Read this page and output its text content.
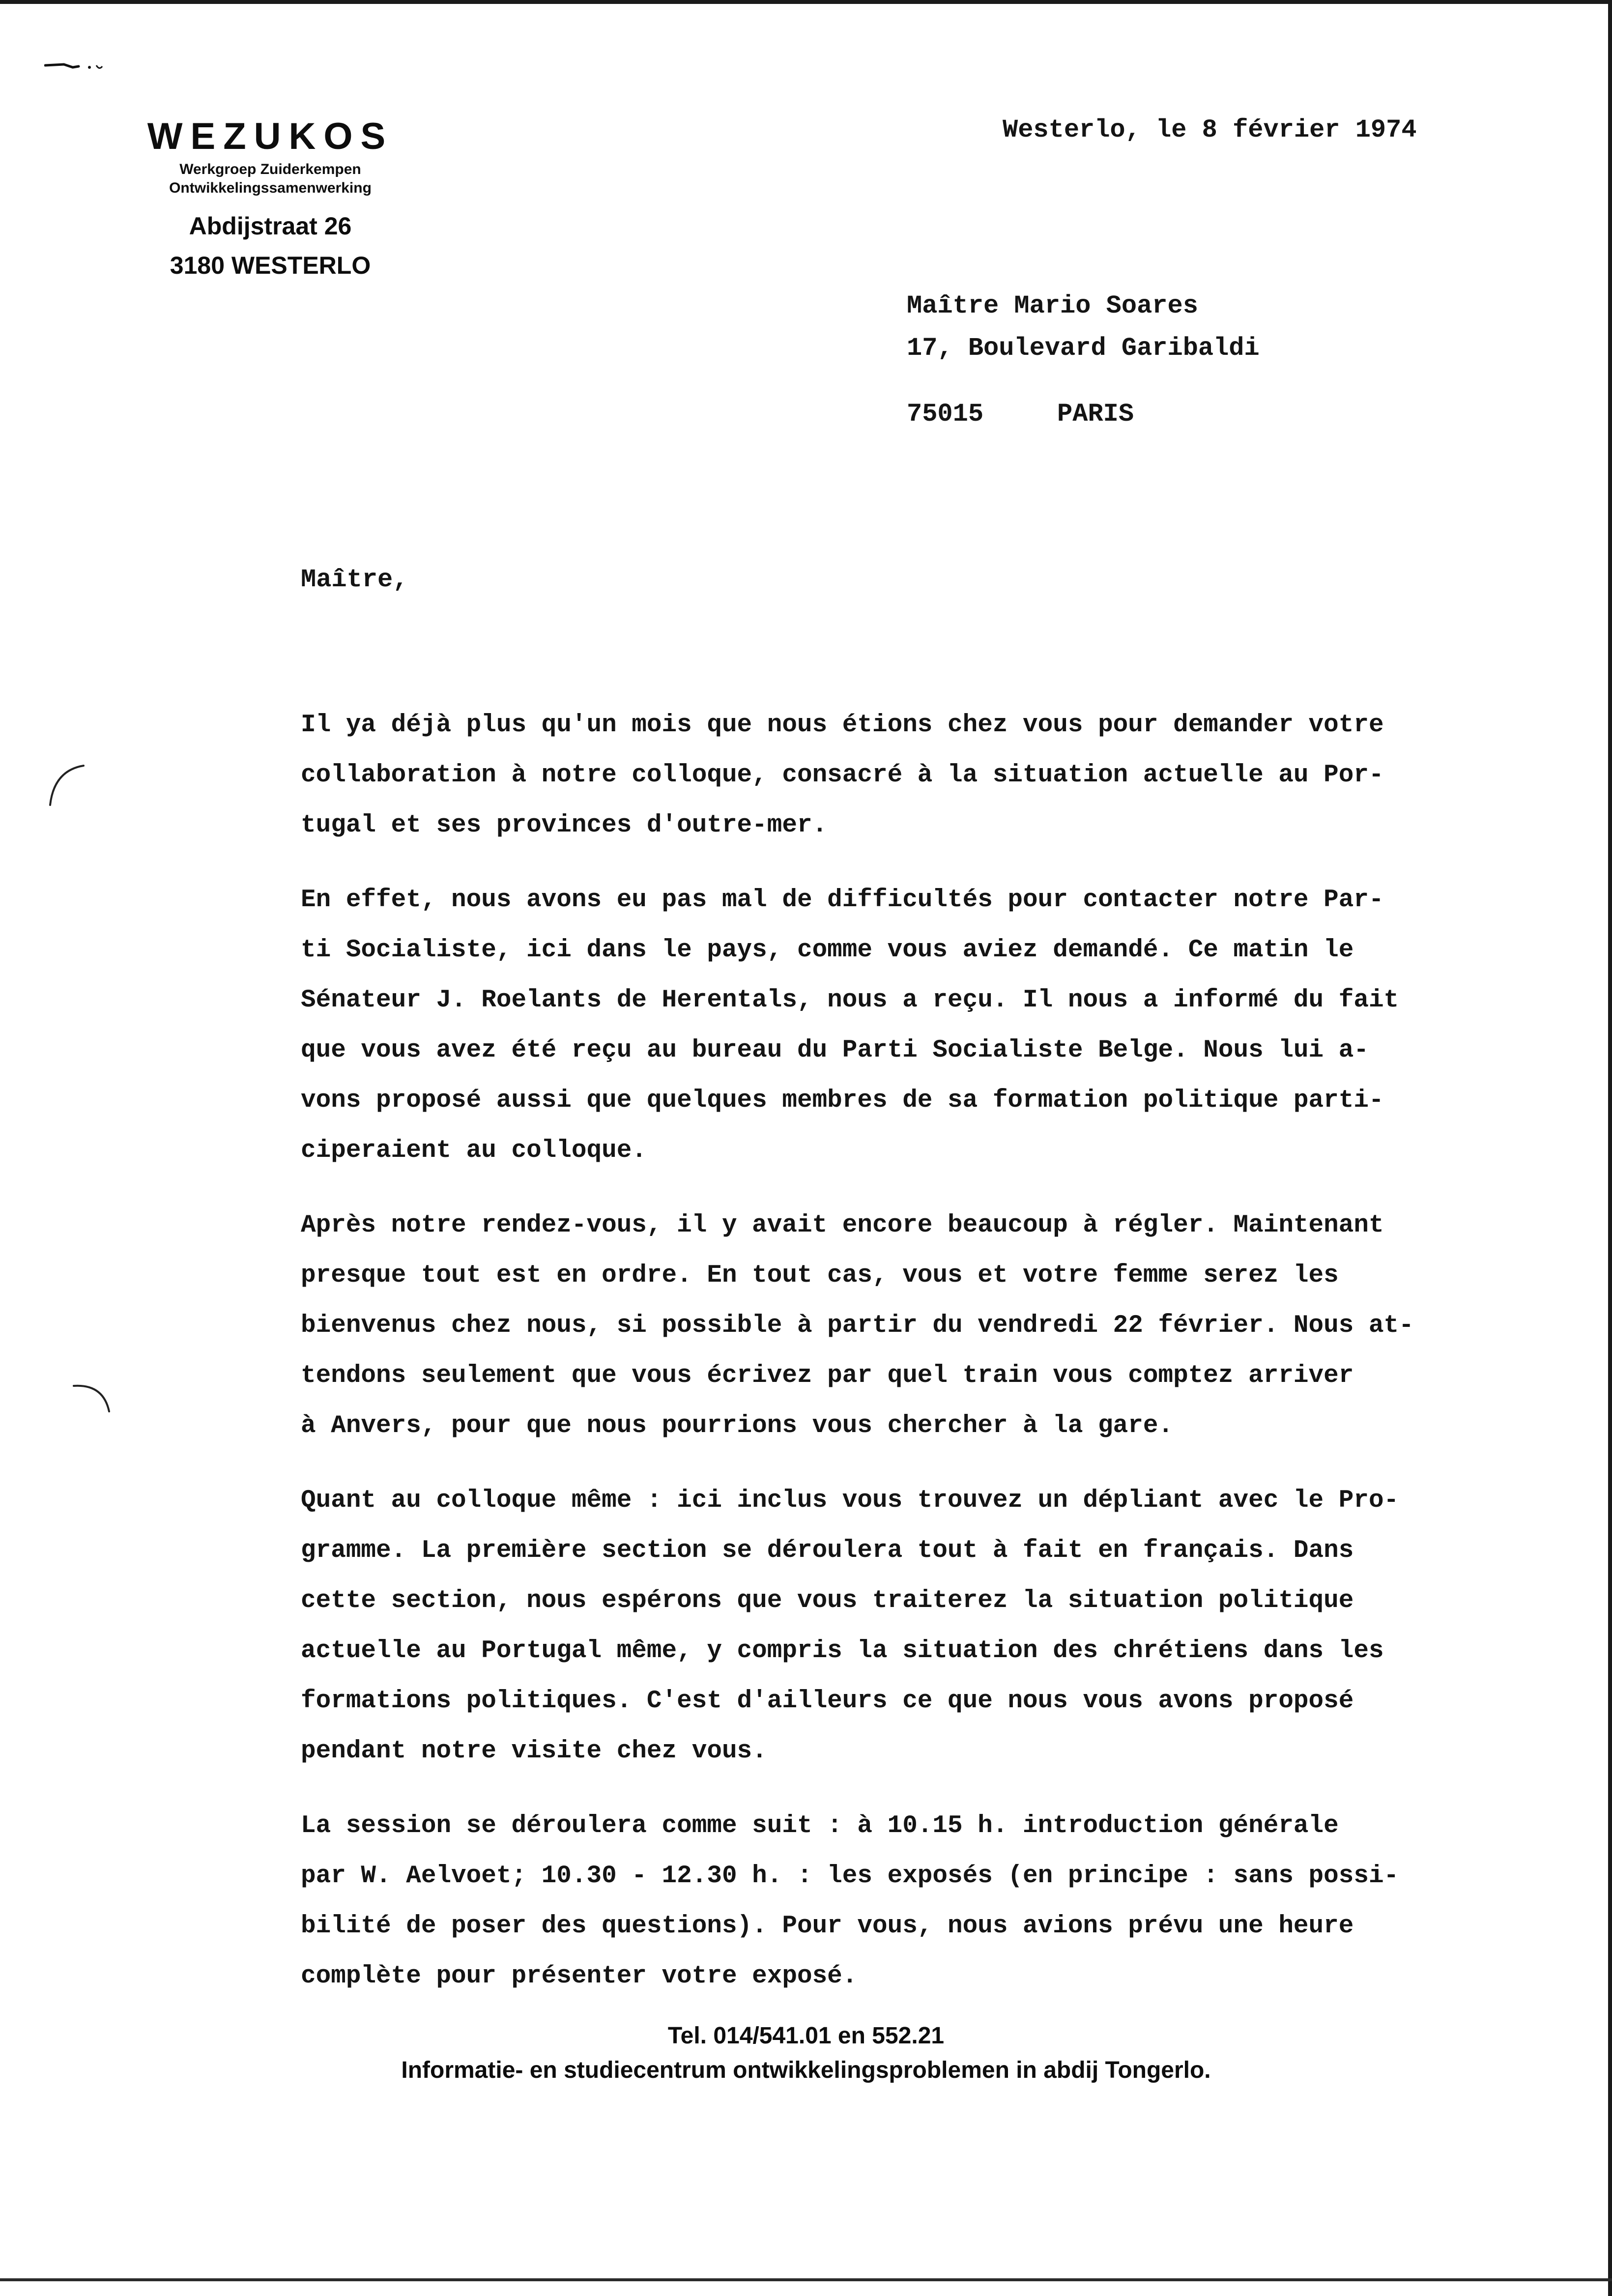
WEZUKOS
Werkgroep Zuiderkempen
Ontwikkelingssamenwerking
Abdijstraat 26
3180 WESTERLO
Westerlo, le 8 février 1974
Maître Mario Soares
17, Boulevard Garibaldi
75015	PARIS
Maître,
Il ya déjà plus qu'un mois que nous étions chez vous pour demander votre
collaboration à notre colloque, consacré à la situation actuelle au Por-
tugal et ses provinces d'outre-mer.
En effet, nous avons eu pas mal de difficultés pour contacter notre Par-
ti Socialiste, ici dans le pays, comme vous aviez demandé. Ce matin le
Sénateur J. Roelants de Herentals, nous a reçu. Il nous a informé du fait
que vous avez été reçu au bureau du Parti Socialiste Belge. Nous lui a-
vons proposé aussi que quelques membres de sa formation politique parti-
ciperaient au colloque.
Après notre rendez-vous, il y avait encore beaucoup à régler. Maintenant
presque tout est en ordre. En tout cas, vous et votre femme serez les
bienvenus chez nous, si possible à partir du vendredi 22 février. Nous at-
tendons seulement que vous écrivez par quel train vous comptez arriver
à Anvers, pour que nous pourrions vous chercher à la gare.
Quant au colloque même : ici inclus vous trouvez un dépliant avec le Pro-
gramme. La première section se déroulera tout à fait en français. Dans
cette section, nous espérons que vous traiterez la situation politique
actuelle au Portugal même, y compris la situation des chrétiens dans les
formations politiques. C'est d'ailleurs ce que nous vous avons proposé
pendant notre visite chez vous.
La session se déroulera comme suit : à 10.15 h. introduction générale
par W. Aelvoet; 10.30 - 12.30 h. : les exposés (en principe : sans possi-
bilité de poser des questions). Pour vous, nous avions prévu une heure
complète pour présenter votre exposé.
Tel. 014/541.01 en 552.21
Informatie- en studiecentrum ontwikkelingsproblemen in abdij Tongerlo.
